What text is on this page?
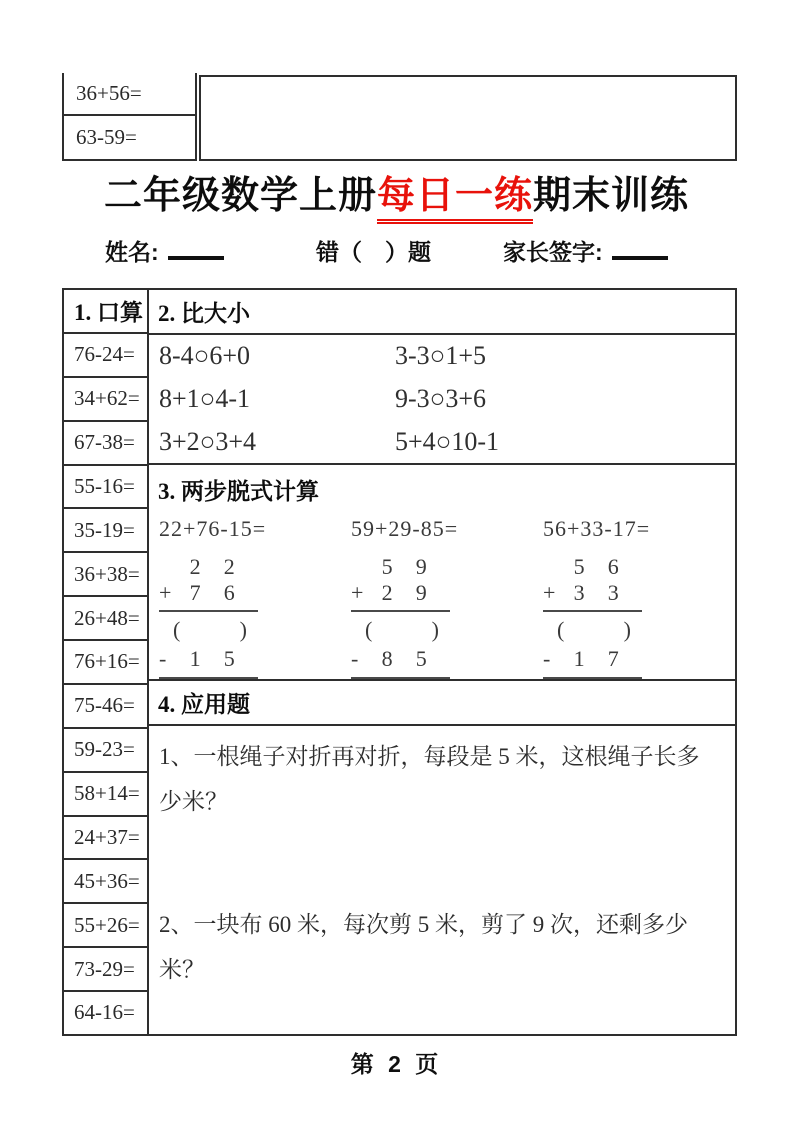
36+56=
63-59=
二年级数学上册每日一练期末训练
姓名:	错（　）题	家长签字:
1. 口算
76-24=
34+62=
67-38=
55-16=
35-19=
36+38=
26+48=
76+16=
75-46=
59-23=
58+14=
24+37=
45+36=
55+26=
73-29=
64-16=
2. 比大小
8-4○6+0	3-3○1+5
8+1○4-1	9-3○3+6
3+2○3+4	5+4○10-1
3. 两步脱式计算
22+76-15=
2	2
+ 7	6
(	)
-	1	5
59+29-85=
5	9
+ 2	9
(	)
-	8	5
56+33-17=
5	6
+ 3	3
(	)
-	1	7
4. 应用题
1、一根绳子对折再对折，每段是 5 米，这根绳子长多少米？
2、一块布 60 米，每次剪 5 米，剪了 9 次，还剩多少米？
第 2 页
